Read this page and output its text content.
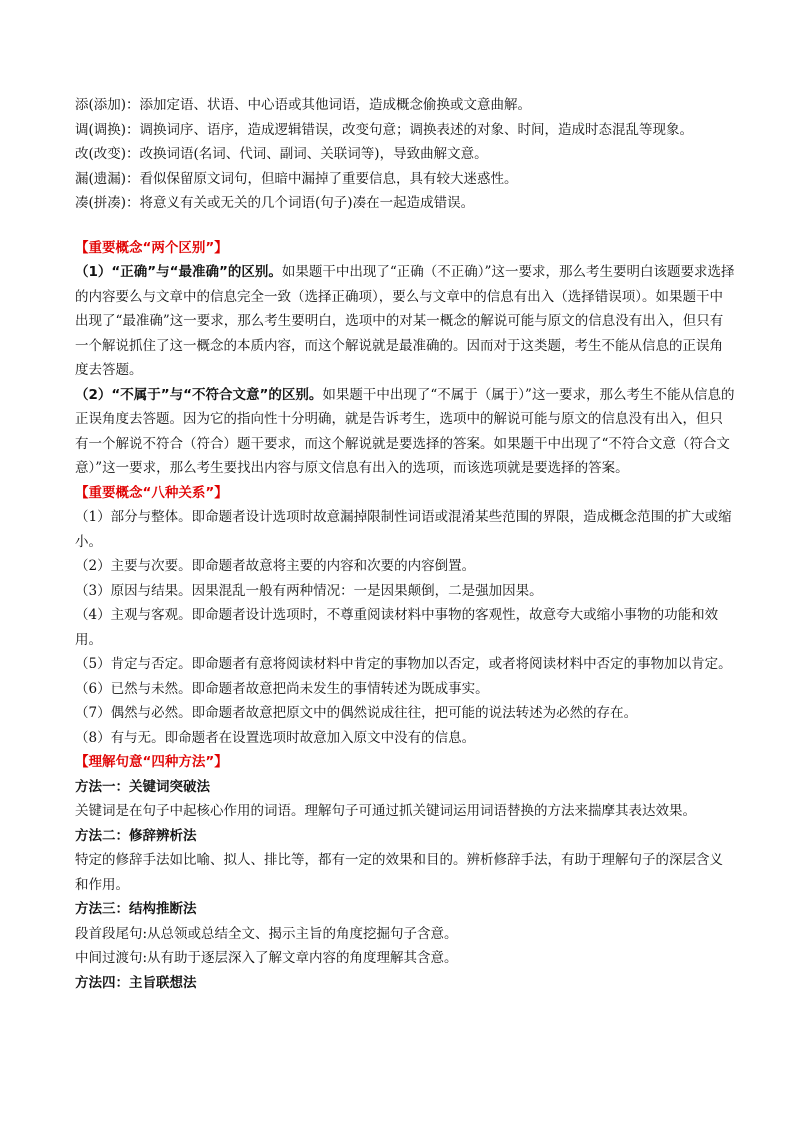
添(添加)：添加定语、状语、中心语或其他词语，造成概念偷换或文意曲解。

调(调换)：调换词序、语序，造成逻辑错误，改变句意；调换表述的对象、时间，造成时态混乱等现象。

改(改变)：改换词语(名词、代词、副词、关联词等)，导致曲解文意。

漏(遗漏)：看似保留原文词句，但暗中漏掉了重要信息，具有较大迷惑性。

凑(拼凑)：将意义有关或无关的几个词语(句子)凑在一起造成错误。

【重要概念“两个区别”】

（1）“正确”与“最准确”的区别。如果题干中出现了“正确（不正确）”这一要求，那么考生要明白该题要求选择的内容要么与文章中的信息完全一致（选择正确项），要么与文章中的信息有出入（选择错误项）。如果题干中出现了“最准确”这一要求，那么考生要明白，选项中的对某一概念的解说可能与原文的信息没有出入，但只有一个解说抓住了这一概念的本质内容，而这个解说就是最准确的。因而对于这类题，考生不能从信息的正误角度去答题。

（2）“不属于”与“不符合文意”的区别。如果题干中出现了“不属于（属于）”这一要求，那么考生不能从信息的正误角度去答题。因为它的指向性十分明确，就是告诉考生，选项中的解说可能与原文的信息没有出入，但只有一个解说不符合（符合）题干要求，而这个解说就是要选择的答案。如果题干中出现了“不符合文意（符合文意）”这一要求，那么考生要找出内容与原文信息有出入的选项，而该选项就是要选择的答案。

【重要概念“八种关系”】

（1）部分与整体。即命题者设计选项时故意漏掉限制性词语或混淆某些范围的界限，造成概念范围的扩大或缩小。

（2）主要与次要。即命题者故意将主要的内容和次要的内容倒置。

（3）原因与结果。因果混乱一般有两种情况：一是因果颠倒，二是强加因果。

（4）主观与客观。即命题者设计选项时，不尊重阅读材料中事物的客观性，故意夸大或缩小事物的功能和效用。

（5）肯定与否定。即命题者有意将阅读材料中肯定的事物加以否定，或者将阅读材料中否定的事物加以肯定。

（6）已然与未然。即命题者故意把尚未发生的事情转述为既成事实。

（7）偶然与必然。即命题者故意把原文中的偶然说成往往，把可能的说法转述为必然的存在。

（8）有与无。即命题者在设置选项时故意加入原文中没有的信息。

【理解句意“四种方法”】

方法一：关键词突破法

关键词是在句子中起核心作用的词语。理解句子可通过抓关键词运用词语替换的方法来揣摩其表达效果。

方法二：修辞辨析法

特定的修辞手法如比喻、拟人、排比等，都有一定的效果和目的。辨析修辞手法，有助于理解句子的深层含义和作用。

方法三：结构推断法

段首段尾句:从总领或总结全文、揭示主旨的角度挖掘句子含意。

中间过渡句:从有助于逐层深入了解文章内容的角度理解其含意。

方法四：主旨联想法
